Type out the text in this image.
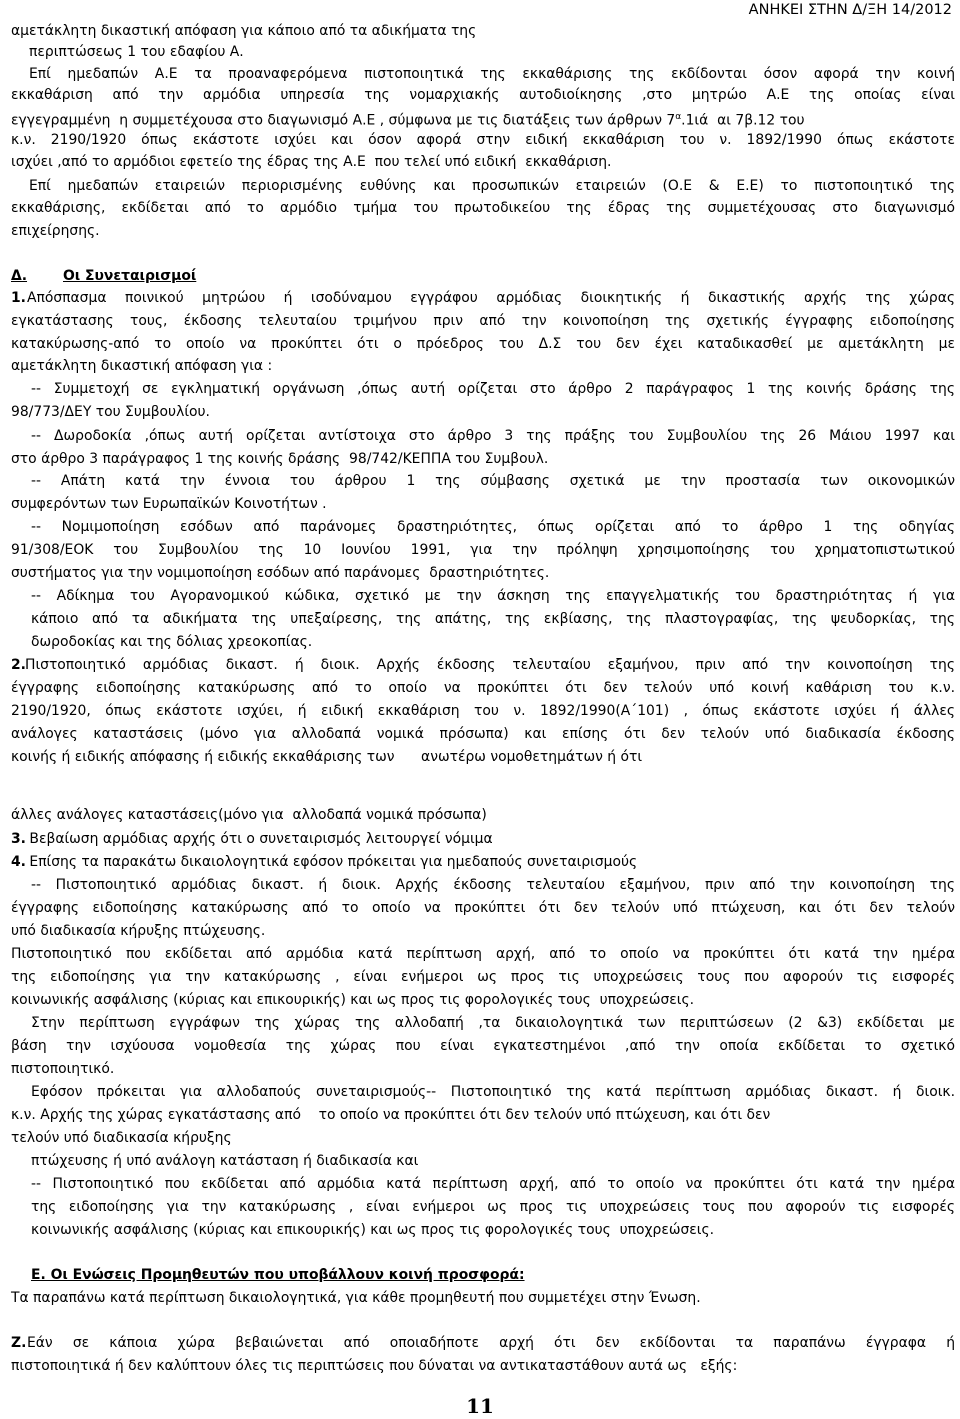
ΑΝΗΚΕΙ ΣΤΗΝ Δ/ΞΗ 14/2012
αμετάκλητη δικαστική απόφαση για κάποιο από τα αδικήματα της
περιπτώσεως 1 του εδαφίου Α.
Επί ημεδαπών Α.Ε τα προαναφερόμενα πιστοποιητικά της εκκαθάρισης της εκδίδονται όσον αφορά την κοινή
εκκαθάριση από την αρμόδια υπηρεσία της νομαρχιακής αυτοδιοίκησης ,στο μητρώο Α.Ε της οποίας είναι
εγγεγραμμένη  η συμμετέχουσα στο διαγωνισμό Α.Ε , σύμφωνα με τις διατάξεις των άρθρων $7^\alpha.1\iota ά$  αι 7β.12 του
κ.ν. 2190/1920 όπως εκάστοτε ισχύει και όσον αφορά στην ειδική εκκαθάριση του ν. 1892/1990 όπως εκάστοτε
ισχύει ,από το αρμόδιοι εφετείο της έδρας της Α.Ε  που τελεί υπό ειδική  εκκαθάριση.
Επί ημεδαπών εταιρειών περιορισμένης ευθύνης και προσωπικών εταιρειών (Ο.Ε & Ε.Ε) το πιστοποιητικό της
εκκαθάρισης, εκδίδεται από το αρμόδιο τμήμα του πρωτοδικείου της έδρας της συμμετέχουσας στο διαγωνισμό
επιχείρησης.
Δ.	Οι Συνεταιρισμοί
1. Απόσπασμα ποινικού μητρώου ή ισοδύναμου εγγράφου αρμόδιας διοικητικής ή δικαστικής αρχής της χώρας
εγκατάστασης τους, έκδοσης τελευταίου τριμήνου πριν από την κοινοποίηση της σχετικής έγγραφης ειδοποίησης
κατακύρωσης-από το οποίο να προκύπτει ότι ο πρόεδρος του Δ.Σ του δεν έχει καταδικασθεί με αμετάκλητη με
αμετάκλητη δικαστική απόφαση για :
-- Συμμετοχή σε εγκληματική οργάνωση ,όπως αυτή ορίζεται στο άρθρο 2 παράγραφος 1 της κοινής δράσης της
98/773/ΔΕΥ του Συμβουλίου.
-- Δωροδοκία ,όπως αυτή ορίζεται αντίστοιχα στο άρθρο 3 της πράξης του Συμβουλίου της 26 Μάιου 1997 και
στο άρθρο 3 παράγραφος 1 της κοινής δράσης  98/742/ΚΕΠΠΑ του Συμβουλ.
-- Απάτη κατά την έννοια του άρθρου 1 της σύμβασης σχετικά με την προστασία των οικονομικών
συμφερόντων των Ευρωπαϊκών Κοινοτήτων .
-- Νομιμοποίηση εσόδων από παράνομες δραστηριότητες, όπως ορίζεται από το άρθρο 1 της οδηγίας
91/308/ΕΟΚ του Συμβουλίου της 10 Ιουνίου 1991, για την πρόληψη χρησιμοποίησης του χρηματοπιστωτικού
συστήματος για την νομιμοποίηση εσόδων από παράνομες  δραστηριότητες.
-- Αδίκημα του Αγορανομικού κώδικα, σχετικό με την άσκηση της επαγγελματικής του δραστηριότητας ή για
κάποιο από τα αδικήματα της υπεξαίρεσης, της απάτης, της εκβίασης, της πλαστογραφίας, της ψευδορκίας, της
δωροδοκίας και της δόλιας χρεοκοπίας.
2. Πιστοποιητικό αρμόδιας δικαστ. ή διοικ. Αρχής έκδοσης τελευταίου εξαμήνου, πριν από την κοινοποίηση της
έγγραφης ειδοποίησης κατακύρωσης από το οποίο να προκύπτει ότι δεν τελούν υπό κοινή καθάριση του κ.ν.
2190/1920, όπως εκάστοτε ισχύει, ή ειδική εκκαθάριση του ν. 1892/1990(Α΄101) , όπως εκάστοτε ισχύει ή άλλες
ανάλογες καταστάσεις (μόνο για αλλοδαπά νομικά πρόσωπα) και επίσης ότι δεν τελούν υπό διαδικασία έκδοσης
κοινής ή ειδικής απόφασης ή ειδικής εκκαθάρισης των      ανωτέρω νομοθετημάτων ή ότι
άλλες ανάλογες καταστάσεις(μόνο για  αλλοδαπά νομικά πρόσωπα)
3. Βεβαίωση αρμόδιας αρχής ότι ο συνεταιρισμός λειτουργεί νόμιμα
4. Επίσης τα παρακάτω δικαιολογητικά εφόσον πρόκειται για ημεδαπούς συνεταιρισμούς
-- Πιστοποιητικό αρμόδιας δικαστ. ή διοικ. Αρχής έκδοσης τελευταίου εξαμήνου, πριν από την κοινοποίηση της
έγγραφης ειδοποίησης κατακύρωσης από το οποίο να προκύπτει ότι δεν τελούν υπό πτώχευση, και ότι δεν τελούν
υπό διαδικασία κήρυξης πτώχευσης.
Πιστοποιητικό που εκδίδεται από αρμόδια κατά περίπτωση αρχή, από το οποίο να προκύπτει ότι κατά την ημέρα
της ειδοποίησης για την κατακύρωσης , είναι ενήμεροι ως προς τις υποχρεώσεις τους που αφορούν τις εισφορές
κοινωνικής ασφάλισης (κύριας και επικουρικής) και ως προς τις φορολογικές τους  υποχρεώσεις.
Στην περίπτωση εγγράφων της χώρας της αλλοδαπή ,τα δικαιολογητικά των περιπτώσεων (2 &3) εκδίδεται με
βάση την ισχύουσα νομοθεσία της χώρας που είναι εγκατεστημένοι ,από την οποία εκδίδεται το σχετικό
πιστοποιητικό.
Εφόσον πρόκειται για αλλοδαπούς συνεταιρισμούς-- Πιστοποιητικό της κατά περίπτωση αρμόδιας δικαστ. ή διοικ.
κ.ν. Αρχής της χώρας εγκατάστασης από    το οποίο να προκύπτει ότι δεν τελούν υπό πτώχευση, και ότι δεν
τελούν υπό διαδικασία κήρυξης
πτώχευσης ή υπό ανάλογη κατάσταση ή διαδικασία και
-- Πιστοποιητικό που εκδίδεται από αρμόδια κατά περίπτωση αρχή, από το οποίο να προκύπτει ότι κατά την ημέρα
της ειδοποίησης για την κατακύρωσης , είναι ενήμεροι ως προς τις υποχρεώσεις τους που αφορούν τις εισφορές
κοινωνικής ασφάλισης (κύριας και επικουρικής) και ως προς τις φορολογικές τους  υποχρεώσεις.
Ε. Οι Ενώσεις Προμηθευτών που υποβάλλουν κοινή προσφορά:
Τα παραπάνω κατά περίπτωση δικαιολογητικά, για κάθε προμηθευτή που συμμετέχει στην Ένωση.
Ζ. Εάν σε κάποια χώρα βεβαιώνεται από οποιαδήποτε αρχή ότι δεν εκδίδονται τα παραπάνω έγγραφα ή
πιστοποιητικά ή δεν καλύπτουν όλες τις περιπτώσεις που δύναται να αντικαταστάθουν αυτά ως   εξής:
11
